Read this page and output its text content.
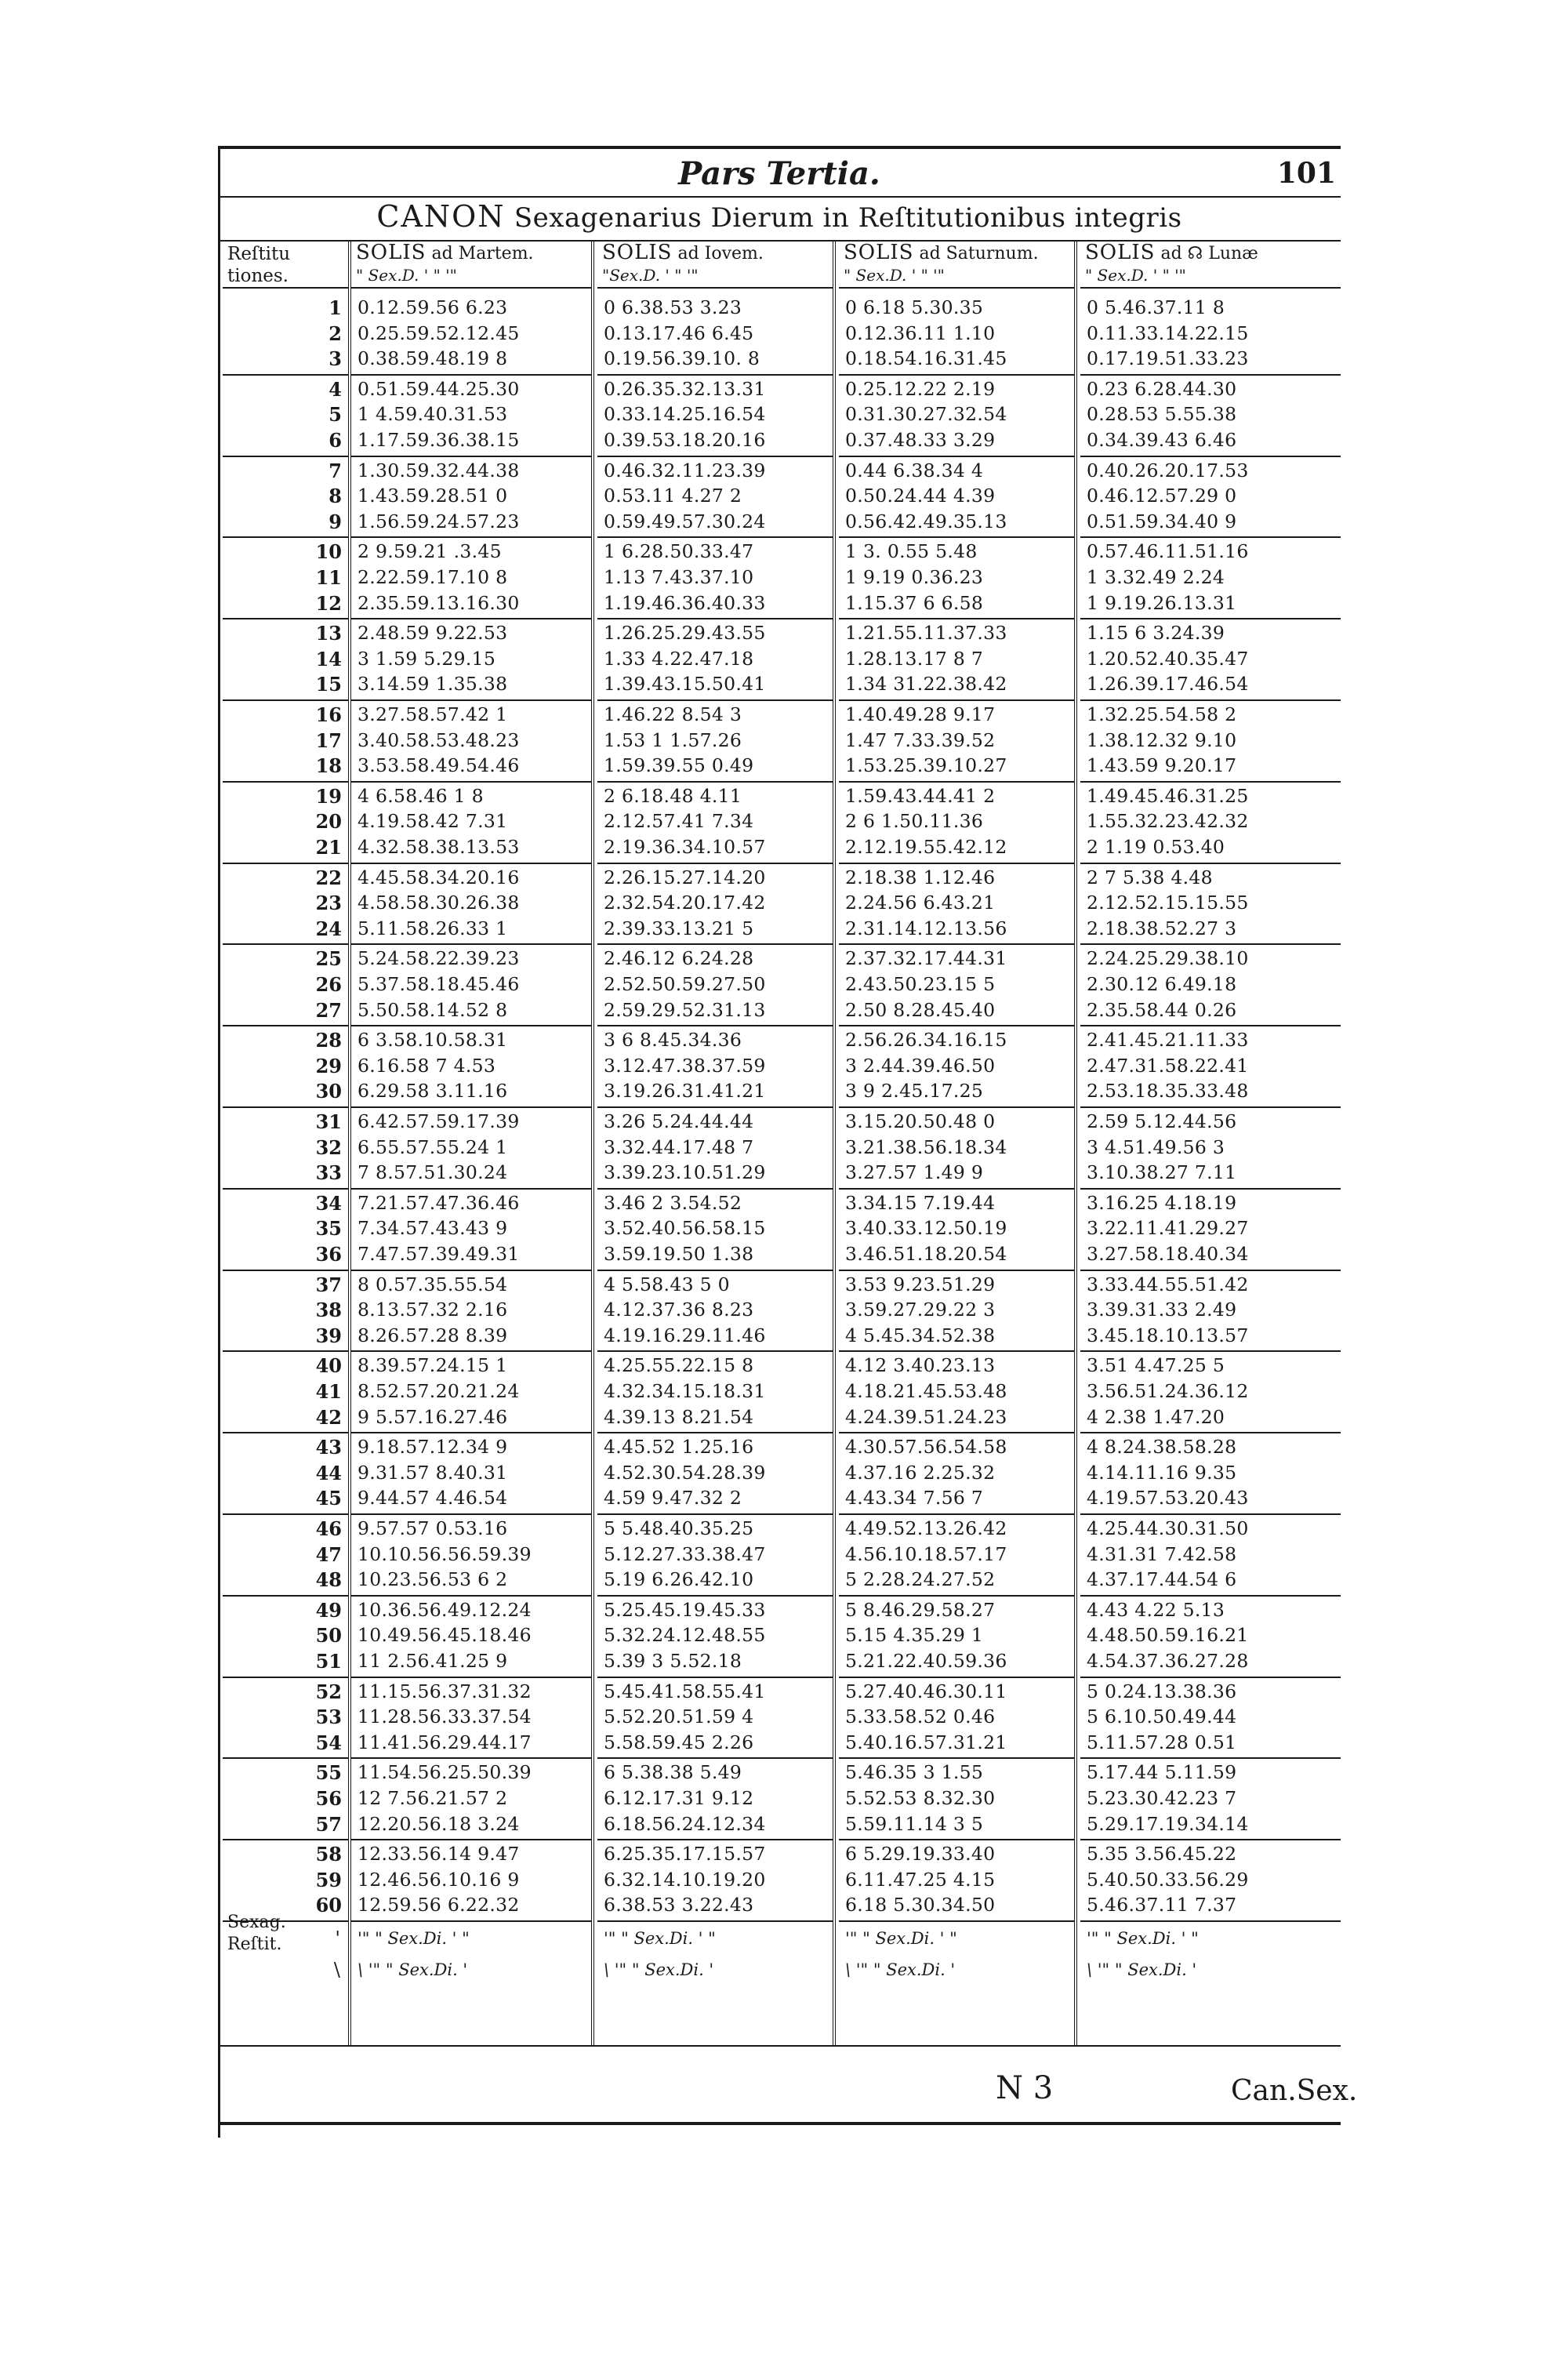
Pars Tertia.	101
CANON Sexagenarius Dierum in Reſtitutionibus integris
Reſtitu
tiones.
Sexag.
Reſtit.
1
2
3
4
5
6
7
8
9
10
11
12
13
14
15
16
17
18
19
20
21
22
23
24
25
26
27
28
29
30
31
32
33
34
35
36
37
38
39
40
41
42
43
44
45
46
47
48
49
50
51
52
53
54
55
56
57
58
59
60
'
\
SOLIS ad Martem.
" Sex.D. ' " '"
0.12.59.56 6.23
0.25.59.52.12.45
0.38.59.48.19 8
0.51.59.44.25.30
1 4.59.40.31.53
1.17.59.36.38.15
1.30.59.32.44.38
1.43.59.28.51 0
1.56.59.24.57.23
2 9.59.21 .3.45
2.22.59.17.10 8
2.35.59.13.16.30
2.48.59 9.22.53
3 1.59 5.29.15
3.14.59 1.35.38
3.27.58.57.42 1
3.40.58.53.48.23
3.53.58.49.54.46
4 6.58.46 1 8
4.19.58.42 7.31
4.32.58.38.13.53
4.45.58.34.20.16
4.58.58.30.26.38
5.11.58.26.33 1
5.24.58.22.39.23
5.37.58.18.45.46
5.50.58.14.52 8
6 3.58.10.58.31
6.16.58 7 4.53
6.29.58 3.11.16
6.42.57.59.17.39
6.55.57.55.24 1
7 8.57.51.30.24
7.21.57.47.36.46
7.34.57.43.43 9
7.47.57.39.49.31
8 0.57.35.55.54
8.13.57.32 2.16
8.26.57.28 8.39
8.39.57.24.15 1
8.52.57.20.21.24
9 5.57.16.27.46
9.18.57.12.34 9
9.31.57 8.40.31
9.44.57 4.46.54
9.57.57 0.53.16
10.10.56.56.59.39
10.23.56.53 6 2
10.36.56.49.12.24
10.49.56.45.18.46
11 2.56.41.25 9
11.15.56.37.31.32
11.28.56.33.37.54
11.41.56.29.44.17
11.54.56.25.50.39
12 7.56.21.57 2
12.20.56.18 3.24
12.33.56.14 9.47
12.46.56.10.16 9
12.59.56 6.22.32
'" " Sex.Di. ' "
\ '" " Sex.Di. '
SOLIS ad Iovem.
"Sex.D. ' " '"
0 6.38.53 3.23
0.13.17.46 6.45
0.19.56.39.10. 8
0.26.35.32.13.31
0.33.14.25.16.54
0.39.53.18.20.16
0.46.32.11.23.39
0.53.11 4.27 2
0.59.49.57.30.24
1 6.28.50.33.47
1.13 7.43.37.10
1.19.46.36.40.33
1.26.25.29.43.55
1.33 4.22.47.18
1.39.43.15.50.41
1.46.22 8.54 3
1.53 1 1.57.26
1.59.39.55 0.49
2 6.18.48 4.11
2.12.57.41 7.34
2.19.36.34.10.57
2.26.15.27.14.20
2.32.54.20.17.42
2.39.33.13.21 5
2.46.12 6.24.28
2.52.50.59.27.50
2.59.29.52.31.13
3 6 8.45.34.36
3.12.47.38.37.59
3.19.26.31.41.21
3.26 5.24.44.44
3.32.44.17.48 7
3.39.23.10.51.29
3.46 2 3.54.52
3.52.40.56.58.15
3.59.19.50 1.38
4 5.58.43 5 0
4.12.37.36 8.23
4.19.16.29.11.46
4.25.55.22.15 8
4.32.34.15.18.31
4.39.13 8.21.54
4.45.52 1.25.16
4.52.30.54.28.39
4.59 9.47.32 2
5 5.48.40.35.25
5.12.27.33.38.47
5.19 6.26.42.10
5.25.45.19.45.33
5.32.24.12.48.55
5.39 3 5.52.18
5.45.41.58.55.41
5.52.20.51.59 4
5.58.59.45 2.26
6 5.38.38 5.49
6.12.17.31 9.12
6.18.56.24.12.34
6.25.35.17.15.57
6.32.14.10.19.20
6.38.53 3.22.43
'" " Sex.Di. ' "
\ '" " Sex.Di. '
SOLIS ad Saturnum.
" Sex.D. ' " '"
0 6.18 5.30.35
0.12.36.11 1.10
0.18.54.16.31.45
0.25.12.22 2.19
0.31.30.27.32.54
0.37.48.33 3.29
0.44 6.38.34 4
0.50.24.44 4.39
0.56.42.49.35.13
1 3. 0.55 5.48
1 9.19 0.36.23
1.15.37 6 6.58
1.21.55.11.37.33
1.28.13.17 8 7
1.34 31.22.38.42
1.40.49.28 9.17
1.47 7.33.39.52
1.53.25.39.10.27
1.59.43.44.41 2
2 6 1.50.11.36
2.12.19.55.42.12
2.18.38 1.12.46
2.24.56 6.43.21
2.31.14.12.13.56
2.37.32.17.44.31
2.43.50.23.15 5
2.50 8.28.45.40
2.56.26.34.16.15
3 2.44.39.46.50
3 9 2.45.17.25
3.15.20.50.48 0
3.21.38.56.18.34
3.27.57 1.49 9
3.34.15 7.19.44
3.40.33.12.50.19
3.46.51.18.20.54
3.53 9.23.51.29
3.59.27.29.22 3
4 5.45.34.52.38
4.12 3.40.23.13
4.18.21.45.53.48
4.24.39.51.24.23
4.30.57.56.54.58
4.37.16 2.25.32
4.43.34 7.56 7
4.49.52.13.26.42
4.56.10.18.57.17
5 2.28.24.27.52
5 8.46.29.58.27
5.15 4.35.29 1
5.21.22.40.59.36
5.27.40.46.30.11
5.33.58.52 0.46
5.40.16.57.31.21
5.46.35 3 1.55
5.52.53 8.32.30
5.59.11.14 3 5
6 5.29.19.33.40
6.11.47.25 4.15
6.18 5.30.34.50
'" " Sex.Di. ' "
\ '" " Sex.Di. '
SOLIS ad ☊ Lunæ
" Sex.D. ' " '"
0 5.46.37.11 8
0.11.33.14.22.15
0.17.19.51.33.23
0.23 6.28.44.30
0.28.53 5.55.38
0.34.39.43 6.46
0.40.26.20.17.53
0.46.12.57.29 0
0.51.59.34.40 9
0.57.46.11.51.16
1 3.32.49 2.24
1 9.19.26.13.31
1.15 6 3.24.39
1.20.52.40.35.47
1.26.39.17.46.54
1.32.25.54.58 2
1.38.12.32 9.10
1.43.59 9.20.17
1.49.45.46.31.25
1.55.32.23.42.32
2 1.19 0.53.40
2 7 5.38 4.48
2.12.52.15.15.55
2.18.38.52.27 3
2.24.25.29.38.10
2.30.12 6.49.18
2.35.58.44 0.26
2.41.45.21.11.33
2.47.31.58.22.41
2.53.18.35.33.48
2.59 5.12.44.56
3 4.51.49.56 3
3.10.38.27 7.11
3.16.25 4.18.19
3.22.11.41.29.27
3.27.58.18.40.34
3.33.44.55.51.42
3.39.31.33 2.49
3.45.18.10.13.57
3.51 4.47.25 5
3.56.51.24.36.12
4 2.38 1.47.20
4 8.24.38.58.28
4.14.11.16 9.35
4.19.57.53.20.43
4.25.44.30.31.50
4.31.31 7.42.58
4.37.17.44.54 6
4.43 4.22 5.13
4.48.50.59.16.21
4.54.37.36.27.28
5 0.24.13.38.36
5 6.10.50.49.44
5.11.57.28 0.51
5.17.44 5.11.59
5.23.30.42.23 7
5.29.17.19.34.14
5.35 3.56.45.22
5.40.50.33.56.29
5.46.37.11 7.37
'" " Sex.Di. ' "
\ '" " Sex.Di. '
N 3	Can.Sex.
